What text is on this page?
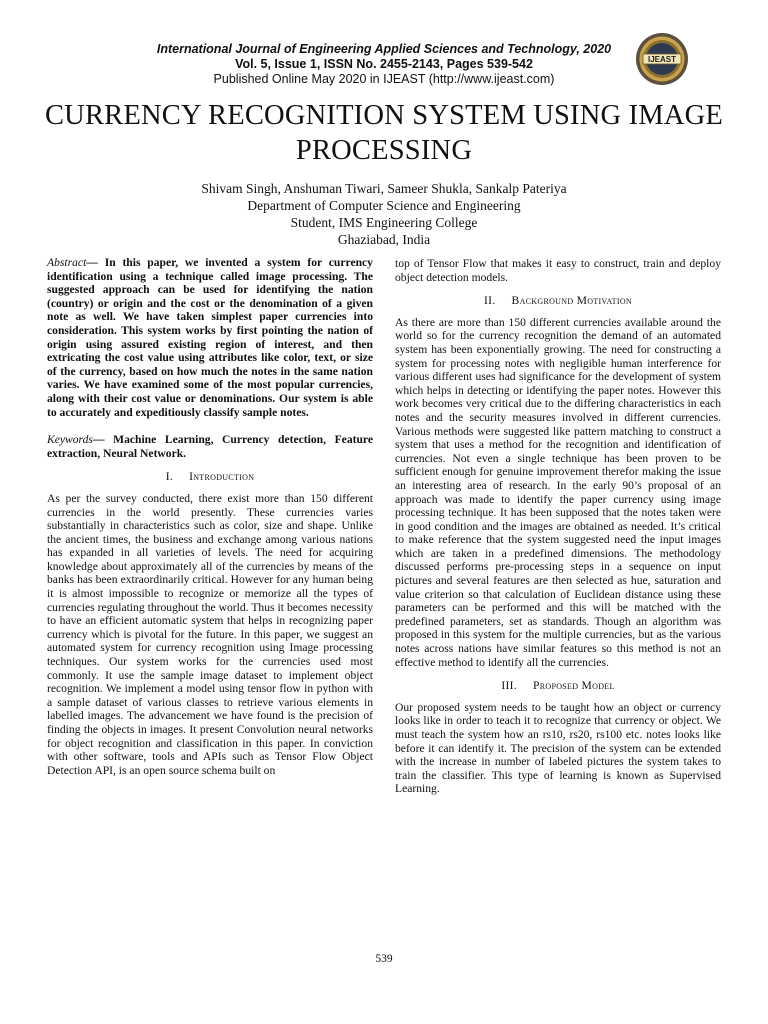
International Journal of Engineering Applied Sciences and Technology, 2020
Vol. 5, Issue 1, ISSN No. 2455-2143, Pages 539-542
Published Online May 2020 in IJEAST (http://www.ijeast.com)
IJEAST
CURRENCY RECOGNITION SYSTEM USING IMAGE PROCESSING
Shivam Singh, Anshuman Tiwari, Sameer Shukla, Sankalp Pateriya
Department of Computer Science and Engineering
Student, IMS Engineering College
Ghaziabad, India

Abstract— In this paper, we invented a system for currency identification using a technique called image processing. The suggested approach can be used for identifying the nation (country) or origin and the cost or the denomination of a given note as well. We have taken simplest paper currencies into consideration. This system works by first pointing the nation of origin using assured existing region of interest, and then extricating the cost value using attributes like color, text, or size of the currency, based on how much the notes in the same nation varies. We have examined some of the most popular currencies, along with their cost value or denominations. Our system is able to accurately and expeditiously classify sample notes.

Keywords— Machine Learning, Currency detection, Feature extraction, Neural Network.

I. Introduction

As per the survey conducted, there exist more than 150 different currencies in the world presently. These currencies varies substantially in characteristics such as color, size and shape. Unlike the ancient times, the business and exchange among various nations has expanded in all varieties of levels. The need for acquiring knowledge about approximately all of the currencies by means of the banks has been extraordinarily critical. However for any human being it is almost impossible to recognize or memorize all the types of currencies regulating throughout the world. Thus it becomes necessity to have an efficient automatic system that helps in recognizing paper currency which is pivotal for the future. In this paper, we suggest an automated system for currency recognition using Image processing techniques. Our system works for the currencies used most commonly. It use the sample image dataset to implement object recognition. We implement a model using tensor flow in python with a sample dataset of various classes to retrieve various elements in labelled images. The advancement we have found is the precision of finding the objects in images. It present Convolution neural networks for object recognition and classification in this paper. In conviction with other software, tools and APIs such as Tensor Flow Object Detection API, is an open source schema built on

top of Tensor Flow that makes it easy to construct, train and deploy object detection models.

II. Background Motivation

As there are more than 150 different currencies available around the world so for the currency recognition the demand of an automated system has been exponentially growing. The need for constructing a system for processing notes with negligible human interference for various different uses had significance for the development of system which helps in detecting or identifying the paper notes. However this work becomes very critical due to the differing characteristics in each notes and the security measures involved in different currencies. Various methods were suggested like pattern matching to construct a system that uses a method for the recognition and identification of currencies. Not even a single technique has been proven to be sufficient enough for genuine improvement therefor making the issue an interesting area of research. In the early 90’s proposal of an approach was made to identify the paper currency using image processing technique. It has been supposed that the notes taken were in good condition and the images are obtained as needed. It’s critical to make reference that the system suggested need the input images which are taken in a predefined dimensions. The methodology discussed performs pre-processing steps in a sequence on input pictures and several features are then selected as hue, saturation and value criterion so that calculation of Euclidean distance using these parameters can be performed and this will be matched with the predefined parameters, set as standards. Though an algorithm was proposed in this system for the multiple currencies, but as the various notes across nations have similar features so this method is not an effective method to identify all the currencies.

III. Proposed Model

Our proposed system needs to be taught how an object or currency looks like in order to teach it to recognize that currency or object. We must teach the system how an rs10, rs20, rs100 etc. notes looks like before it can identify it. The precision of the system can be extended with the increase in number of labeled pictures the system takes to train the classifier. This type of learning is known as Supervised Learning.

539
